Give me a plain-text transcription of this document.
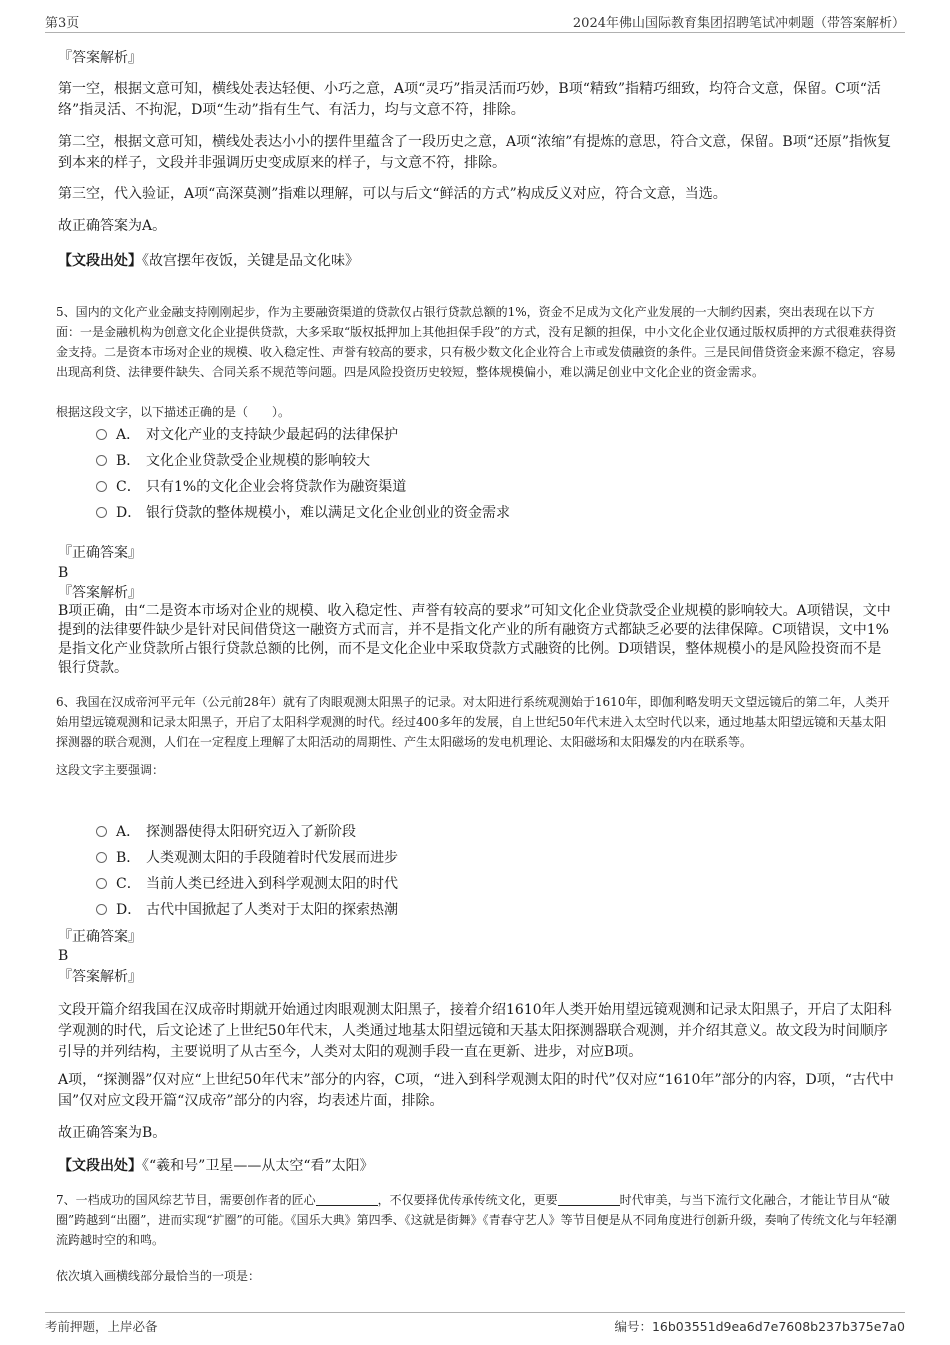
第3页	2024年佛山国际教育集团招聘笔试冲刺题（带答案解析）

『答案解析』

第一空，根据文意可知，横线处表达轻便、小巧之意，A项“灵巧”指灵活而巧妙，B项“精致”指精巧细致，均符合文意，保留。C项“活络”指灵活、不拘泥，D项“生动”指有生气、有活力，均与文意不符，排除。

第二空，根据文意可知，横线处表达小小的摆件里蕴含了一段历史之意，A项“浓缩”有提炼的意思，符合文意，保留。B项“还原”指恢复到本来的样子，文段并非强调历史变成原来的样子，与文意不符，排除。

第三空，代入验证，A项“高深莫测”指难以理解，可以与后文“鲜活的方式”构成反义对应，符合文意，当选。

故正确答案为A。

【文段出处】《故宫摆年夜饭，关键是品文化味》

5、国内的文化产业金融支持刚刚起步，作为主要融资渠道的贷款仅占银行贷款总额的1%，资金不足成为文化产业发展的一大制约因素，突出表现在以下方面：一是金融机构为创意文化企业提供贷款，大多采取“版权抵押加上其他担保手段”的方式，没有足额的担保，中小文化企业仅通过版权质押的方式很难获得资金支持。二是资本市场对企业的规模、收入稳定性、声誉有较高的要求，只有极少数文化企业符合上市或发债融资的条件。三是民间借贷资金来源不稳定，容易出现高利贷、法律要件缺失、合同关系不规范等问题。四是风险投资历史较短，整体规模偏小，难以满足创业中文化企业的资金需求。

根据这段文字，以下描述正确的是（　　）。

A． 对文化产业的支持缺少最起码的法律保护
B． 文化企业贷款受企业规模的影响较大
C． 只有1%的文化企业会将贷款作为融资渠道
D． 银行贷款的整体规模小，难以满足文化企业创业的资金需求

『正确答案』

B

『答案解析』

B项正确，由“二是资本市场对企业的规模、收入稳定性、声誉有较高的要求”可知文化企业贷款受企业规模的影响较大。A项错误，文中提到的法律要件缺少是针对民间借贷这一融资方式而言，并不是指文化产业的所有融资方式都缺乏必要的法律保障。C项错误，文中1%是指文化产业贷款所占银行贷款总额的比例，而不是文化企业中采取贷款方式融资的比例。D项错误，整体规模小的是风险投资而不是银行贷款。

6、我国在汉成帝河平元年（公元前28年）就有了肉眼观测太阳黑子的记录。对太阳进行系统观测始于1610年，即伽利略发明天文望远镜后的第二年，人类开始用望远镜观测和记录太阳黑子，开启了太阳科学观测的时代。经过400多年的发展，自上世纪50年代末进入太空时代以来，通过地基太阳望远镜和天基太阳探测器的联合观测，人们在一定程度上理解了太阳活动的周期性、产生太阳磁场的发电机理论、太阳磁场和太阳爆发的内在联系等。

这段文字主要强调：

A． 探测器使得太阳研究迈入了新阶段
B． 人类观测太阳的手段随着时代发展而进步
C． 当前人类已经进入到科学观测太阳的时代
D． 古代中国掀起了人类对于太阳的探索热潮

『正确答案』

B

『答案解析』

文段开篇介绍我国在汉成帝时期就开始通过肉眼观测太阳黑子，接着介绍1610年人类开始用望远镜观测和记录太阳黑子，开启了太阳科学观测的时代，后文论述了上世纪50年代末，人类通过地基太阳望远镜和天基太阳探测器联合观测，并介绍其意义。故文段为时间顺序引导的并列结构，主要说明了从古至今，人类对太阳的观测手段一直在更新、进步，对应B项。

A项，“探测器”仅对应“上世纪50年代末”部分的内容，C项，“进入到科学观测太阳的时代”仅对应“1610年”部分的内容，D项，“古代中国”仅对应文段开篇“汉成帝”部分的内容，均表述片面，排除。

故正确答案为B。

【文段出处】《“羲和号”卫星——从太空“看”太阳》

7、一档成功的国风综艺节目，需要创作者的匠心	，不仅要择优传承传统文化，更要	时代审美，与当下流行文化融合，才能让节目从“破圈”跨越到“出圈”，进而实现“扩圈”的可能。《国乐大典》第四季、《这就是街舞》《青春守艺人》等节目便是从不同角度进行创新升级，奏响了传统文化与年轻潮流跨越时空的和鸣。

依次填入画横线部分最恰当的一项是：

考前押题，上岸必备	编号：16b03551d9ea6d7e7608b237b375e7a0
